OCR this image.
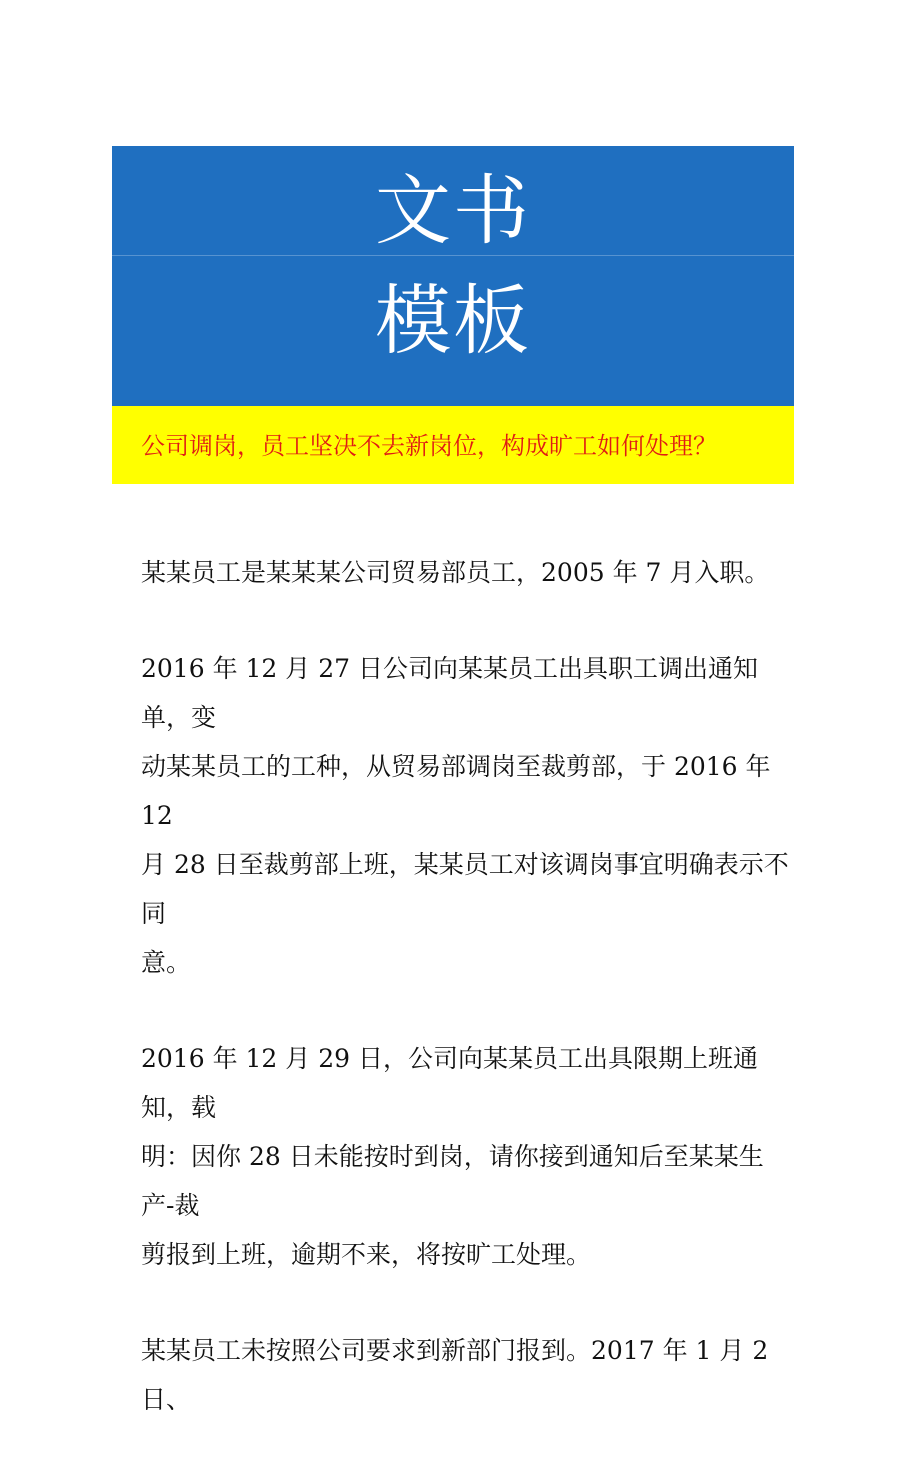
文书
模板
公司调岗，员工坚决不去新岗位，构成旷工如何处理？

某某员工是某某某公司贸易部员工，2005 年 7 月入职。

2016 年 12 月 27 日公司向某某员工出具职工调出通知单，变
动某某员工的工种，从贸易部调岗至裁剪部，于 2016 年 12
月 28 日至裁剪部上班，某某员工对该调岗事宜明确表示不同
意。

2016 年 12 月 29 日，公司向某某员工出具限期上班通知，载
明：因你 28 日未能按时到岗，请你接到通知后至某某生产-裁
剪报到上班，逾期不来，将按旷工处理。

某某员工未按照公司要求到新部门报到。2017 年 1 月 2 日、
